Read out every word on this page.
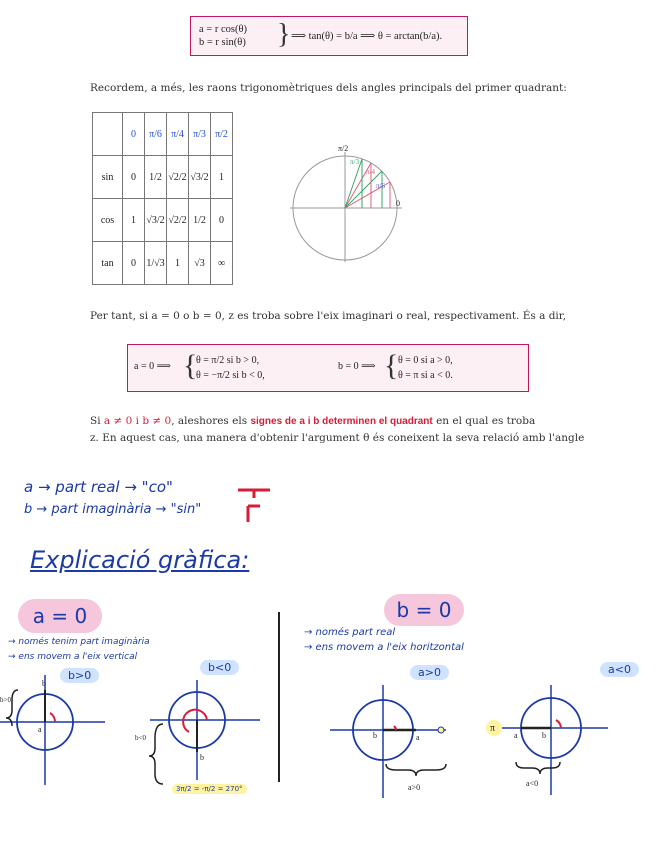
a = r cos(θ)
b = r sin(θ) } ⟹ tan(θ) = b/a ⟹ θ = arctan(b/a).
Recordem, a més, les raons trigonomètriques dels angles principals del primer quadrant:
	0	π/6	π/4	π/3	π/2
sin	0	1/2	√2/2	√3/2	1
cos	1	√3/2	√2/2	1/2	0
tan	0	1/√3	1	√3	∞
π/2
π/3
π/4
π/6
0
Per tant, si a = 0 o b = 0, z es troba sobre l'eix imaginari o real, respectivament. És a dir,
a = 0 ⟹ {
θ = π/2 si b > 0,
θ = −π/2 si b < 0,
b = 0 ⟹ { θ = 0 si a > 0,
θ = π si a < 0.
Si a ≠ 0 i b ≠ 0, aleshores els signes de a i b determinen el quadrant en el qual es troba
z. En aquest cas, una manera d'obtenir l'argument θ és coneixent la seva relació amb l'angle
a → part real → "co"
b → part imaginària → "sin"
Explicació gràfica:
a = 0
→ només tenim part imaginària
→ ens movem a l'eix vertical
b>0
b<0
b>0
b
a
b<0
b
3π/2 = -π/2 = 270°
b = 0
→ només part real
→ ens movem a l'eix horitzontal
a>0	a<0
a>0
b	a
π
a<0
a	b
